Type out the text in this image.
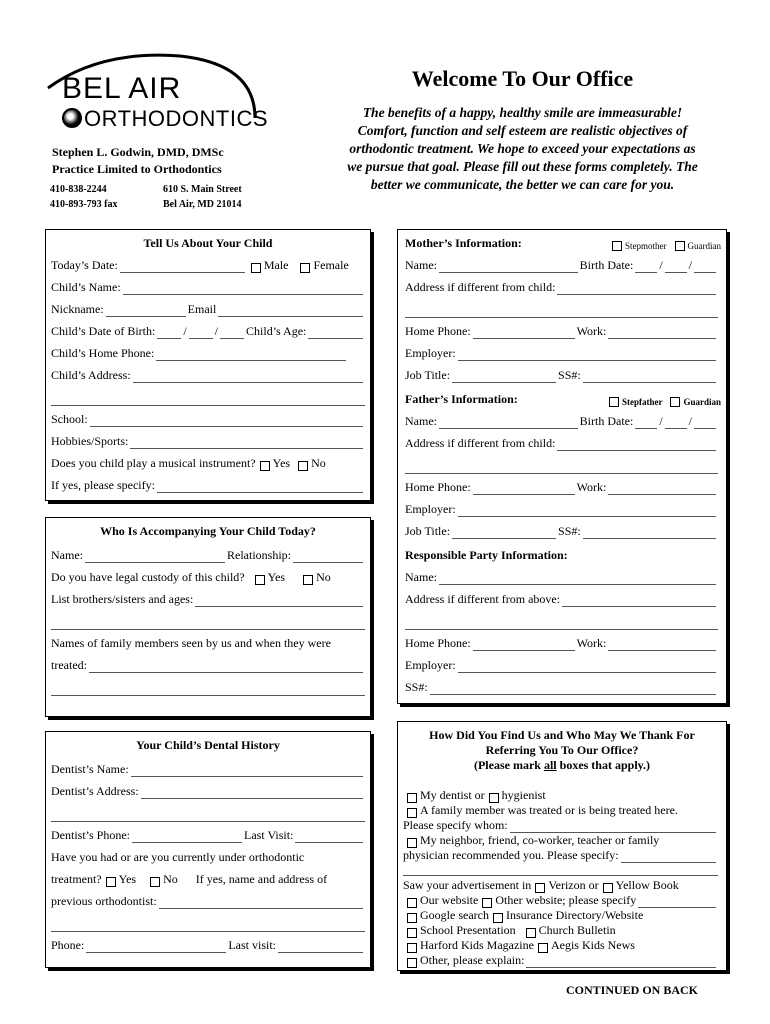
BEL AIR
ORTHODONTICS
Stephen L. Godwin, DMD, DMSc
Practice Limited to Orthodontics
410-838-2244
410-893-793 fax
610 S. Main Street
Bel Air, MD 21014
Welcome To Our Office
The benefits of a happy, healthy smile are immeasurable!
Comfort, function and self esteem are realistic objectives of
orthodontic treatment. We hope to exceed your expectations as
we pursue that goal. Please fill out these forms completely. The
better we communicate, the better we can care for you.
Tell Us About Your Child
Today’s Date:	Male Female
Child’s Name:
Nickname:	Email
Child’s Date of Birth: / / Child’s Age:
Child’s Home Phone:
Child’s Address:
School:
Hobbies/Sports:
Does you child play a musical instrument? Yes No
If yes, please specify:
Who Is Accompanying Your Child Today?
Name:	Relationship:
Do you have legal custody of this child? Yes	No
List brothers/sisters and ages:
Names of family members seen by us and when they were
treated:
Your Child’s Dental History
Dentist’s Name:
Dentist’s Address:
Dentist’s Phone:	Last Visit:
Have you had or are you currently under orthodontic
treatment? Yes No If yes, name and address of
previous orthodontist:
Phone:	Last visit:
Mother’s Information:	Stepmother Guardian
Name:	Birth Date: / /
Address if different from child:
Home Phone:	Work:
Employer:
Job Title:	SS#:
Father’s Information:	Stepfather Guardian
Name:	Birth Date: / /
Address if different from child:
Home Phone:	Work:
Employer:
Job Title:	SS#:
Responsible Party Information:
Name:
Address if different from above:
Home Phone:	Work:
Employer:
SS#:
How Did You Find Us and Who May We Thank For
Referring You To Our Office?
(Please mark all boxes that apply.)
My dentist or hygienist
A family member was treated or is being treated here.
Please specify whom:
My neighbor, friend, co-worker, teacher or family
physician recommended you. Please specify:
Saw your advertisement in Verizon or Yellow Book
Our website Other website; please specify
Google search Insurance Directory/Website
School Presentation Church Bulletin
Harford Kids Magazine Aegis Kids News
Other, please explain:
CONTINUED ON BACK
